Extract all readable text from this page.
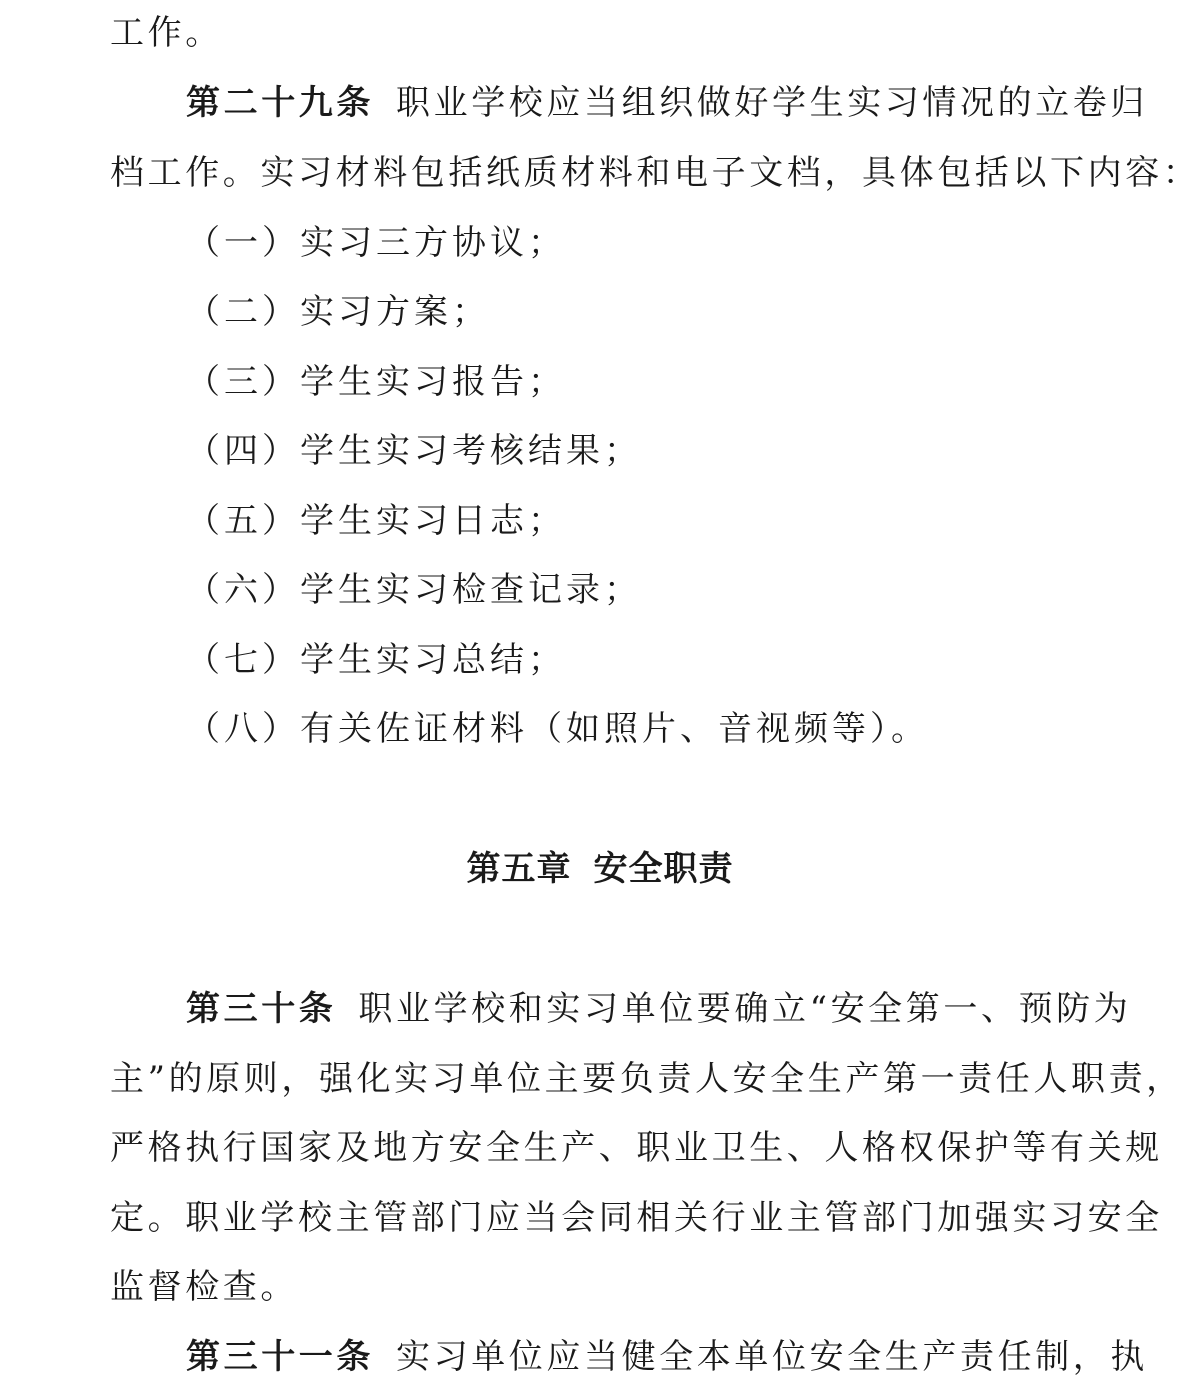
工作。
第二十九条 职业学校应当组织做好学生实习情况的立卷归
档工作。实习材料包括纸质材料和电子文档，具体包括以下内容：
（一）实习三方协议；
（二）实习方案；
（三）学生实习报告；
（四）学生实习考核结果；
（五）学生实习日志；
（六）学生实习检查记录；
（七）学生实习总结；
（八）有关佐证材料（如照片、音视频等）。
第五章 安全职责
第三十条 职业学校和实习单位要确立“安全第一、预防为
主”的原则，强化实习单位主要负责人安全生产第一责任人职责，
严格执行国家及地方安全生产、职业卫生、人格权保护等有关规
定。职业学校主管部门应当会同相关行业主管部门加强实习安全
监督检查。
第三十一条 实习单位应当健全本单位安全生产责任制，执
